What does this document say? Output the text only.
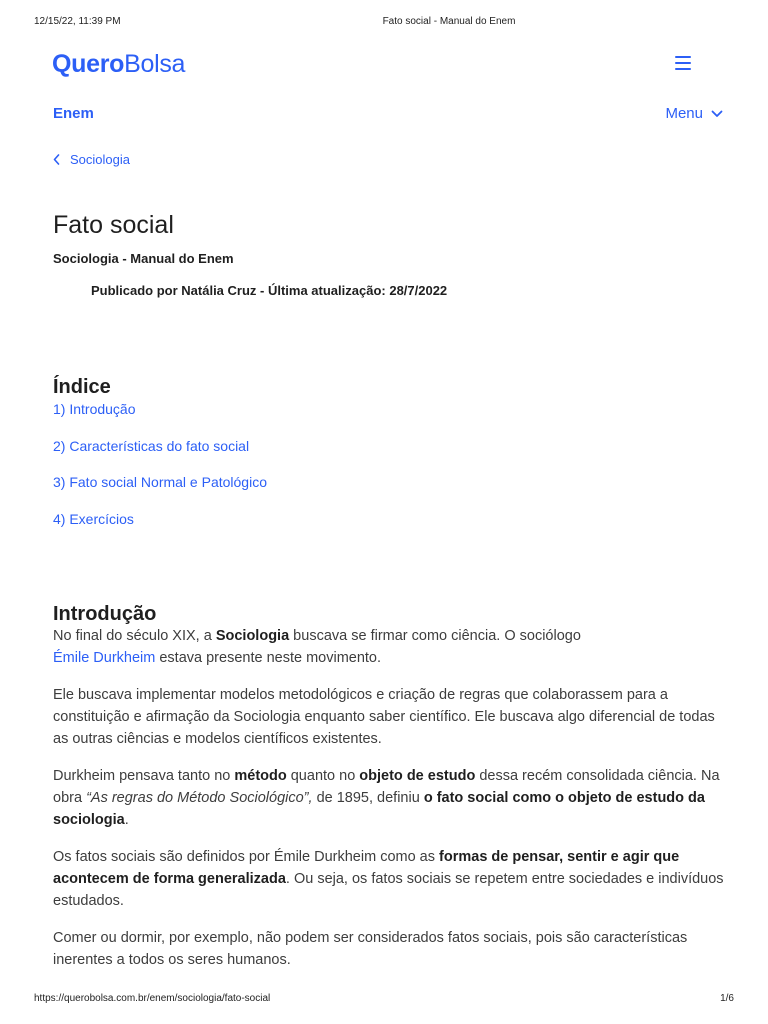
12/15/22, 11:39 PM	Fato social - Manual do Enem
QueroBolsa
Enem	Menu
Sociologia
Fato social
Sociologia - Manual do Enem
Publicado por Natália Cruz - Última atualização: 28/7/2022
Índice
1) Introdução
2) Características do fato social
3) Fato social Normal e Patológico
4) Exercícios
Introdução

No final do século XIX, a Sociologia buscava se firmar como ciência. O sociólogo
Émile Durkheim estava presente neste movimento.

Ele buscava implementar modelos metodológicos e criação de regras que colaborassem para a constituição e afirmação da Sociologia enquanto saber científico. Ele buscava algo diferencial de todas as outras ciências e modelos científicos existentes.

Durkheim pensava tanto no método quanto no objeto de estudo dessa recém consolidada ciência. Na obra “As regras do Método Sociológico”, de 1895, definiu o fato social como o objeto de estudo da sociologia.

Os fatos sociais são definidos por Émile Durkheim como as formas de pensar, sentir e agir que acontecem de forma generalizada. Ou seja, os fatos sociais se repetem entre sociedades e indivíduos estudados.

Comer ou dormir, por exemplo, não podem ser considerados fatos sociais, pois são características inerentes a todos os seres humanos.

https://querobolsa.com.br/enem/sociologia/fato-social	1/6
